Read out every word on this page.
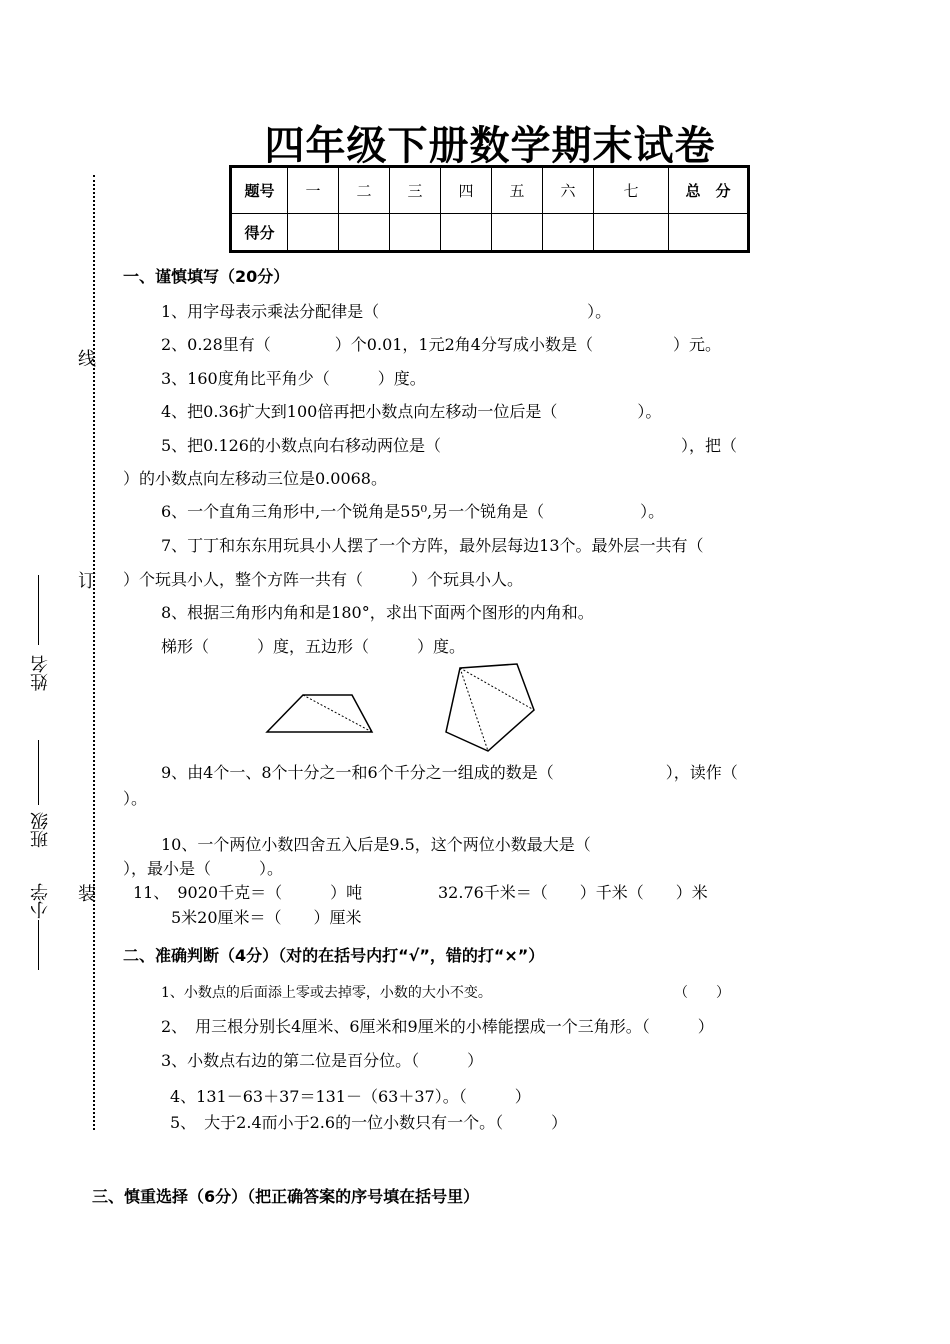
四年级下册数学期末试卷
题号	一	二	三	四	五	六	七	总　分
得分								
线
订
装
姓名
班级
小学
一、谨慎填写（20分）
1、用字母表示乘法分配律是（　　　　　　　　　　　　　）。
2、0.28里有（　　　　）个0.01，1元2角4分写成小数是（　　　　　）元。
3、160度角比平角少（　　　）度。
4、把0.36扩大到100倍再把小数点向左移动一位后是（　　　　　）。
5、把0.126的小数点向右移动两位是（　　　　　　　　　　　　　　　），把（
）的小数点向左移动三位是0.0068。
6、一个直角三角形中,一个锐角是55⁰,另一个锐角是（　　　　　　）。
7、丁丁和东东用玩具小人摆了一个方阵，最外层每边13个。最外层一共有（
）个玩具小人，整个方阵一共有（　　　）个玩具小人。
8、根据三角形内角和是180°，求出下面两个图形的内角和。
梯形（　　　）度，五边形（　　　）度。
9、由4个一、8个十分之一和6个千分之一组成的数是（　　　　　　　），读作（
）。
10、一个两位小数四舍五入后是9.5，这个两位小数最大是（
），最小是（　　　）。
11、　9020千克＝（　　　）吨	32.76千米＝（　　）千米（　　）米
5米20厘米＝（　　）厘米
二、准确判断（4分）（对的在括号内打“√”，错的打“×”）
1、小数点的后面添上零或去掉零，小数的大小不变。	（　　）
2、　用三根分别长4厘米、6厘米和9厘米的小棒能摆成一个三角形。（　　　）
3、小数点右边的第二位是百分位。（　　　）
4、131－63＋37＝131－（63＋37）。（　　　）
5、　大于2.4而小于2.6的一位小数只有一个。（　　　）
三、慎重选择（6分）（把正确答案的序号填在括号里）
